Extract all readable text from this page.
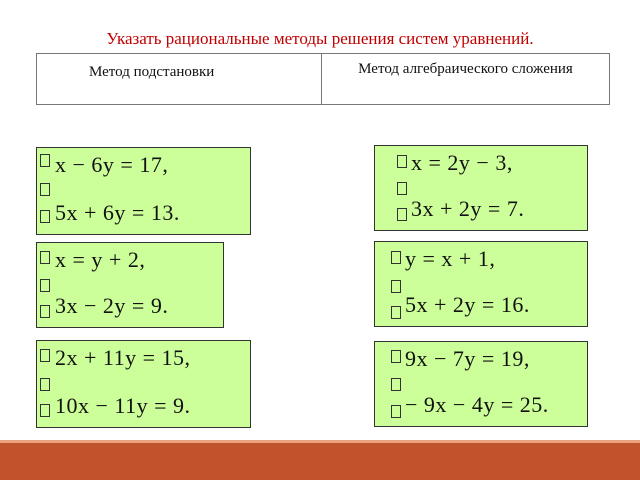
Указать рациональные методы решения систем уравнений.
Метод подстановки	Метод алгебраического сложения
x − 6y = 17,
5x + 6y = 13.
x = y + 2,
3x − 2y = 9.
2x + 11y = 15,
10x − 11y = 9.
x = 2y − 3,
3x + 2y = 7.
y = x + 1,
5x + 2y = 16.
9x − 7y = 19,
− 9x − 4y = 25.
